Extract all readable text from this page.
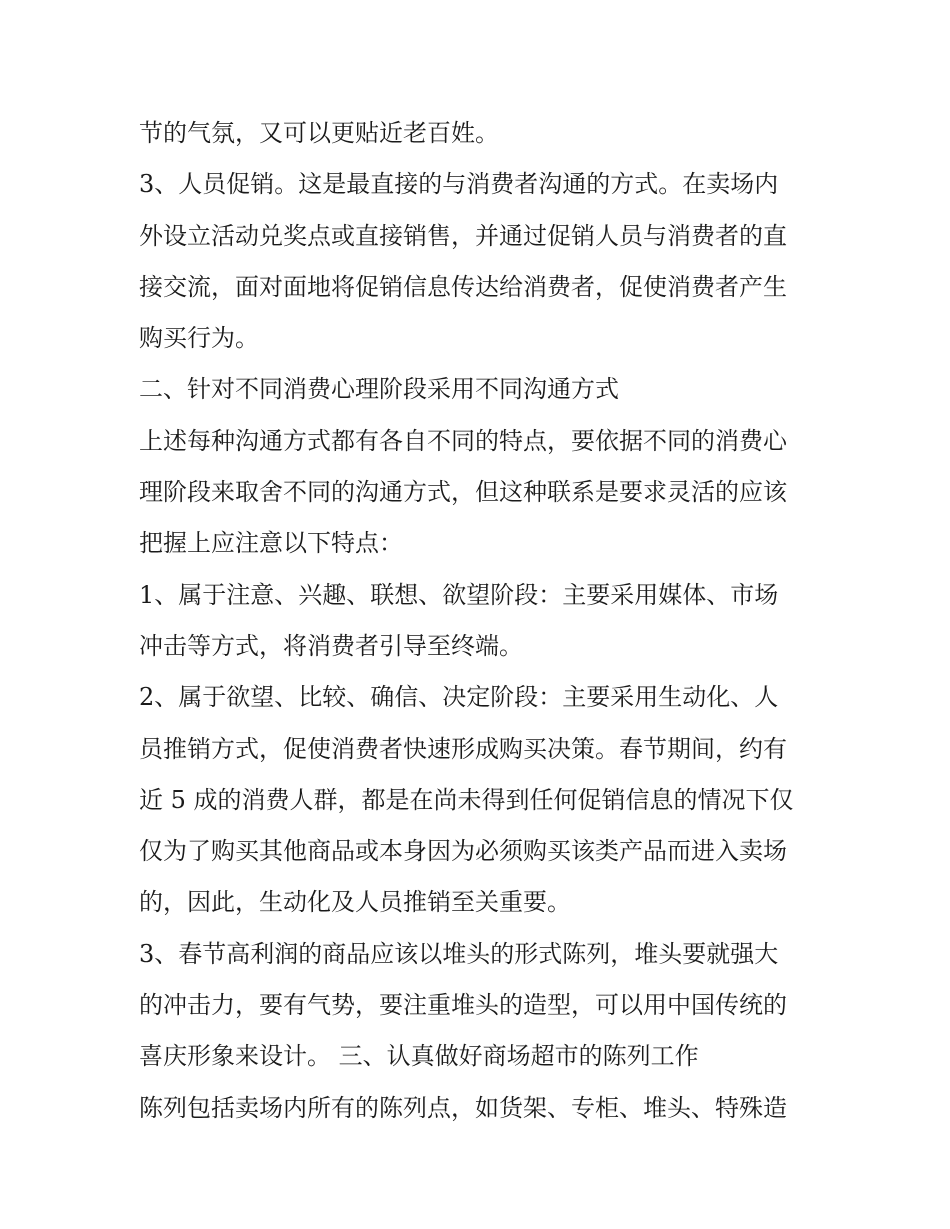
节的气氛，又可以更贴近老百姓。
3、人员促销。这是最直接的与消费者沟通的方式。在卖场内
外设立活动兑奖点或直接销售，并通过促销人员与消费者的直
接交流，面对面地将促销信息传达给消费者，促使消费者产生
购买行为。
二、针对不同消费心理阶段采用不同沟通方式
上述每种沟通方式都有各自不同的特点，要依据不同的消费心
理阶段来取舍不同的沟通方式，但这种联系是要求灵活的应该
把握上应注意以下特点：
1、属于注意、兴趣、联想、欲望阶段：主要采用媒体、市场
冲击等方式，将消费者引导至终端。
2、属于欲望、比较、确信、决定阶段：主要采用生动化、人
员推销方式，促使消费者快速形成购买决策。春节期间，约有
近 5 成的消费人群，都是在尚未得到任何促销信息的情况下仅
仅为了购买其他商品或本身因为必须购买该类产品而进入卖场
的，因此，生动化及人员推销至关重要。
3、春节高利润的商品应该以堆头的形式陈列，堆头要就强大
的冲击力，要有气势，要注重堆头的造型，可以用中国传统的
喜庆形象来设计。 三、认真做好商场超市的陈列工作
陈列包括卖场内所有的陈列点，如货架、专柜、堆头、特殊造
